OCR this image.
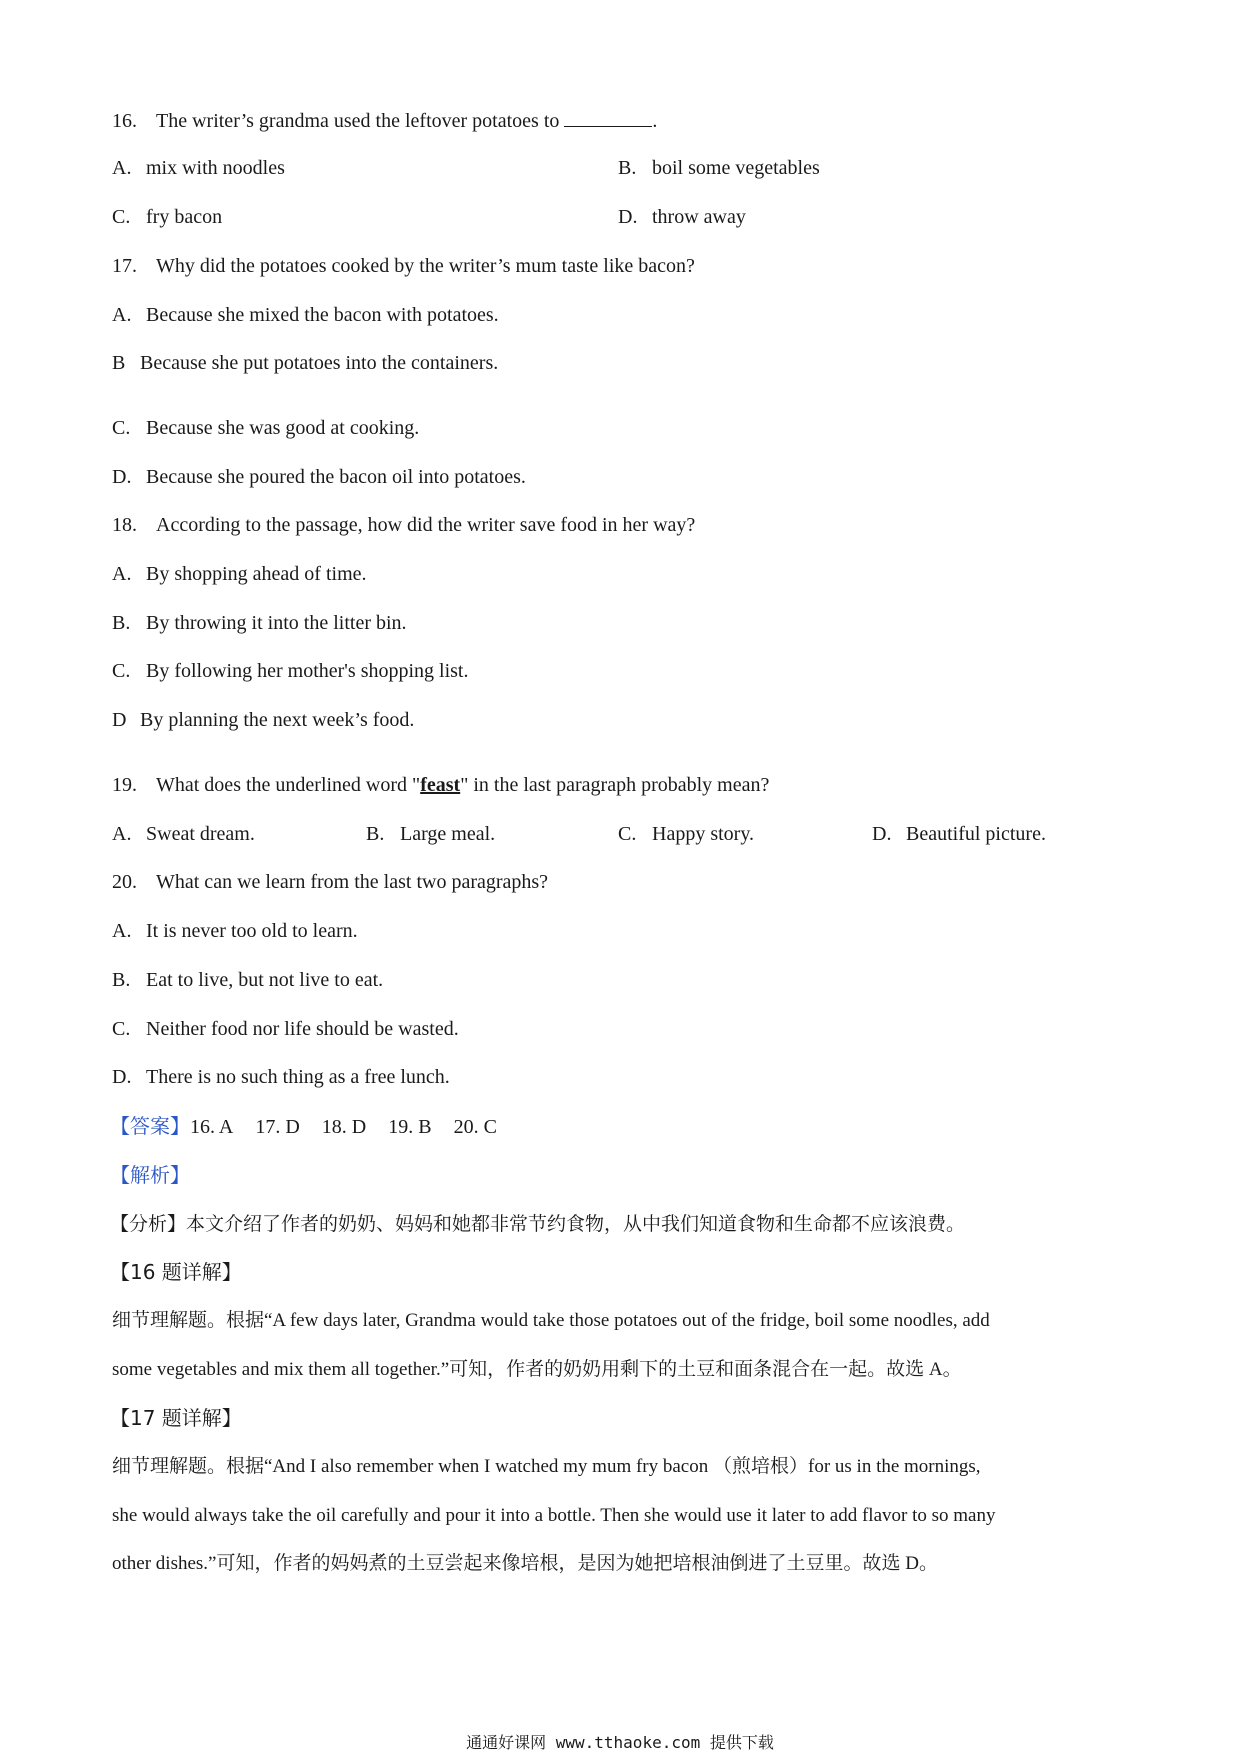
16. The writer’s grandma used the leftover potatoes to	.
A. mix with noodles	B. boil some vegetables
C. fry bacon	D. throw away
17. Why did the potatoes cooked by the writer’s mum taste like bacon?
A. Because she mixed the bacon with potatoes.
B Because she put potatoes into the containers.
C. Because she was good at cooking.
D. Because she poured the bacon oil into potatoes.
18. According to the passage, how did the writer save food in her way?
A. By shopping ahead of time.
B. By throwing it into the litter bin.
C. By following her mother's shopping list.
D By planning the next week’s food.
19. What does the underlined word "feast" in the last paragraph probably mean?
A. Sweat dream.	B. Large meal.	C. Happy story.	D. Beautiful picture.
20. What can we learn from the last two paragraphs?
A. It is never too old to learn.
B. Eat to live, but not live to eat.
C. Neither food nor life should be wasted.
D. There is no such thing as a free lunch.
【答案】16. A 17. D 18. D 19. B 20. C
【解析】
【分析】本文介绍了作者的奶奶、妈妈和她都非常节约食物，从中我们知道食物和生命都不应该浪费。
【16 题详解】
细节理解题。根据“A few days later, Grandma would take those potatoes out of the fridge, boil some noodles, add
some vegetables and mix them all together.”可知，作者的奶奶用剩下的土豆和面条混合在一起。故选 A。
【17 题详解】
细节理解题。根据“And I also remember when I watched my mum fry bacon （煎培根）for us in the mornings,
she would always take the oil carefully and pour it into a bottle. Then she would use it later to add flavor to so many
other dishes.”可知，作者的妈妈煮的土豆尝起来像培根，是因为她把培根油倒进了土豆里。故选 D。
通通好课网 www.tthaoke.com 提供下载
